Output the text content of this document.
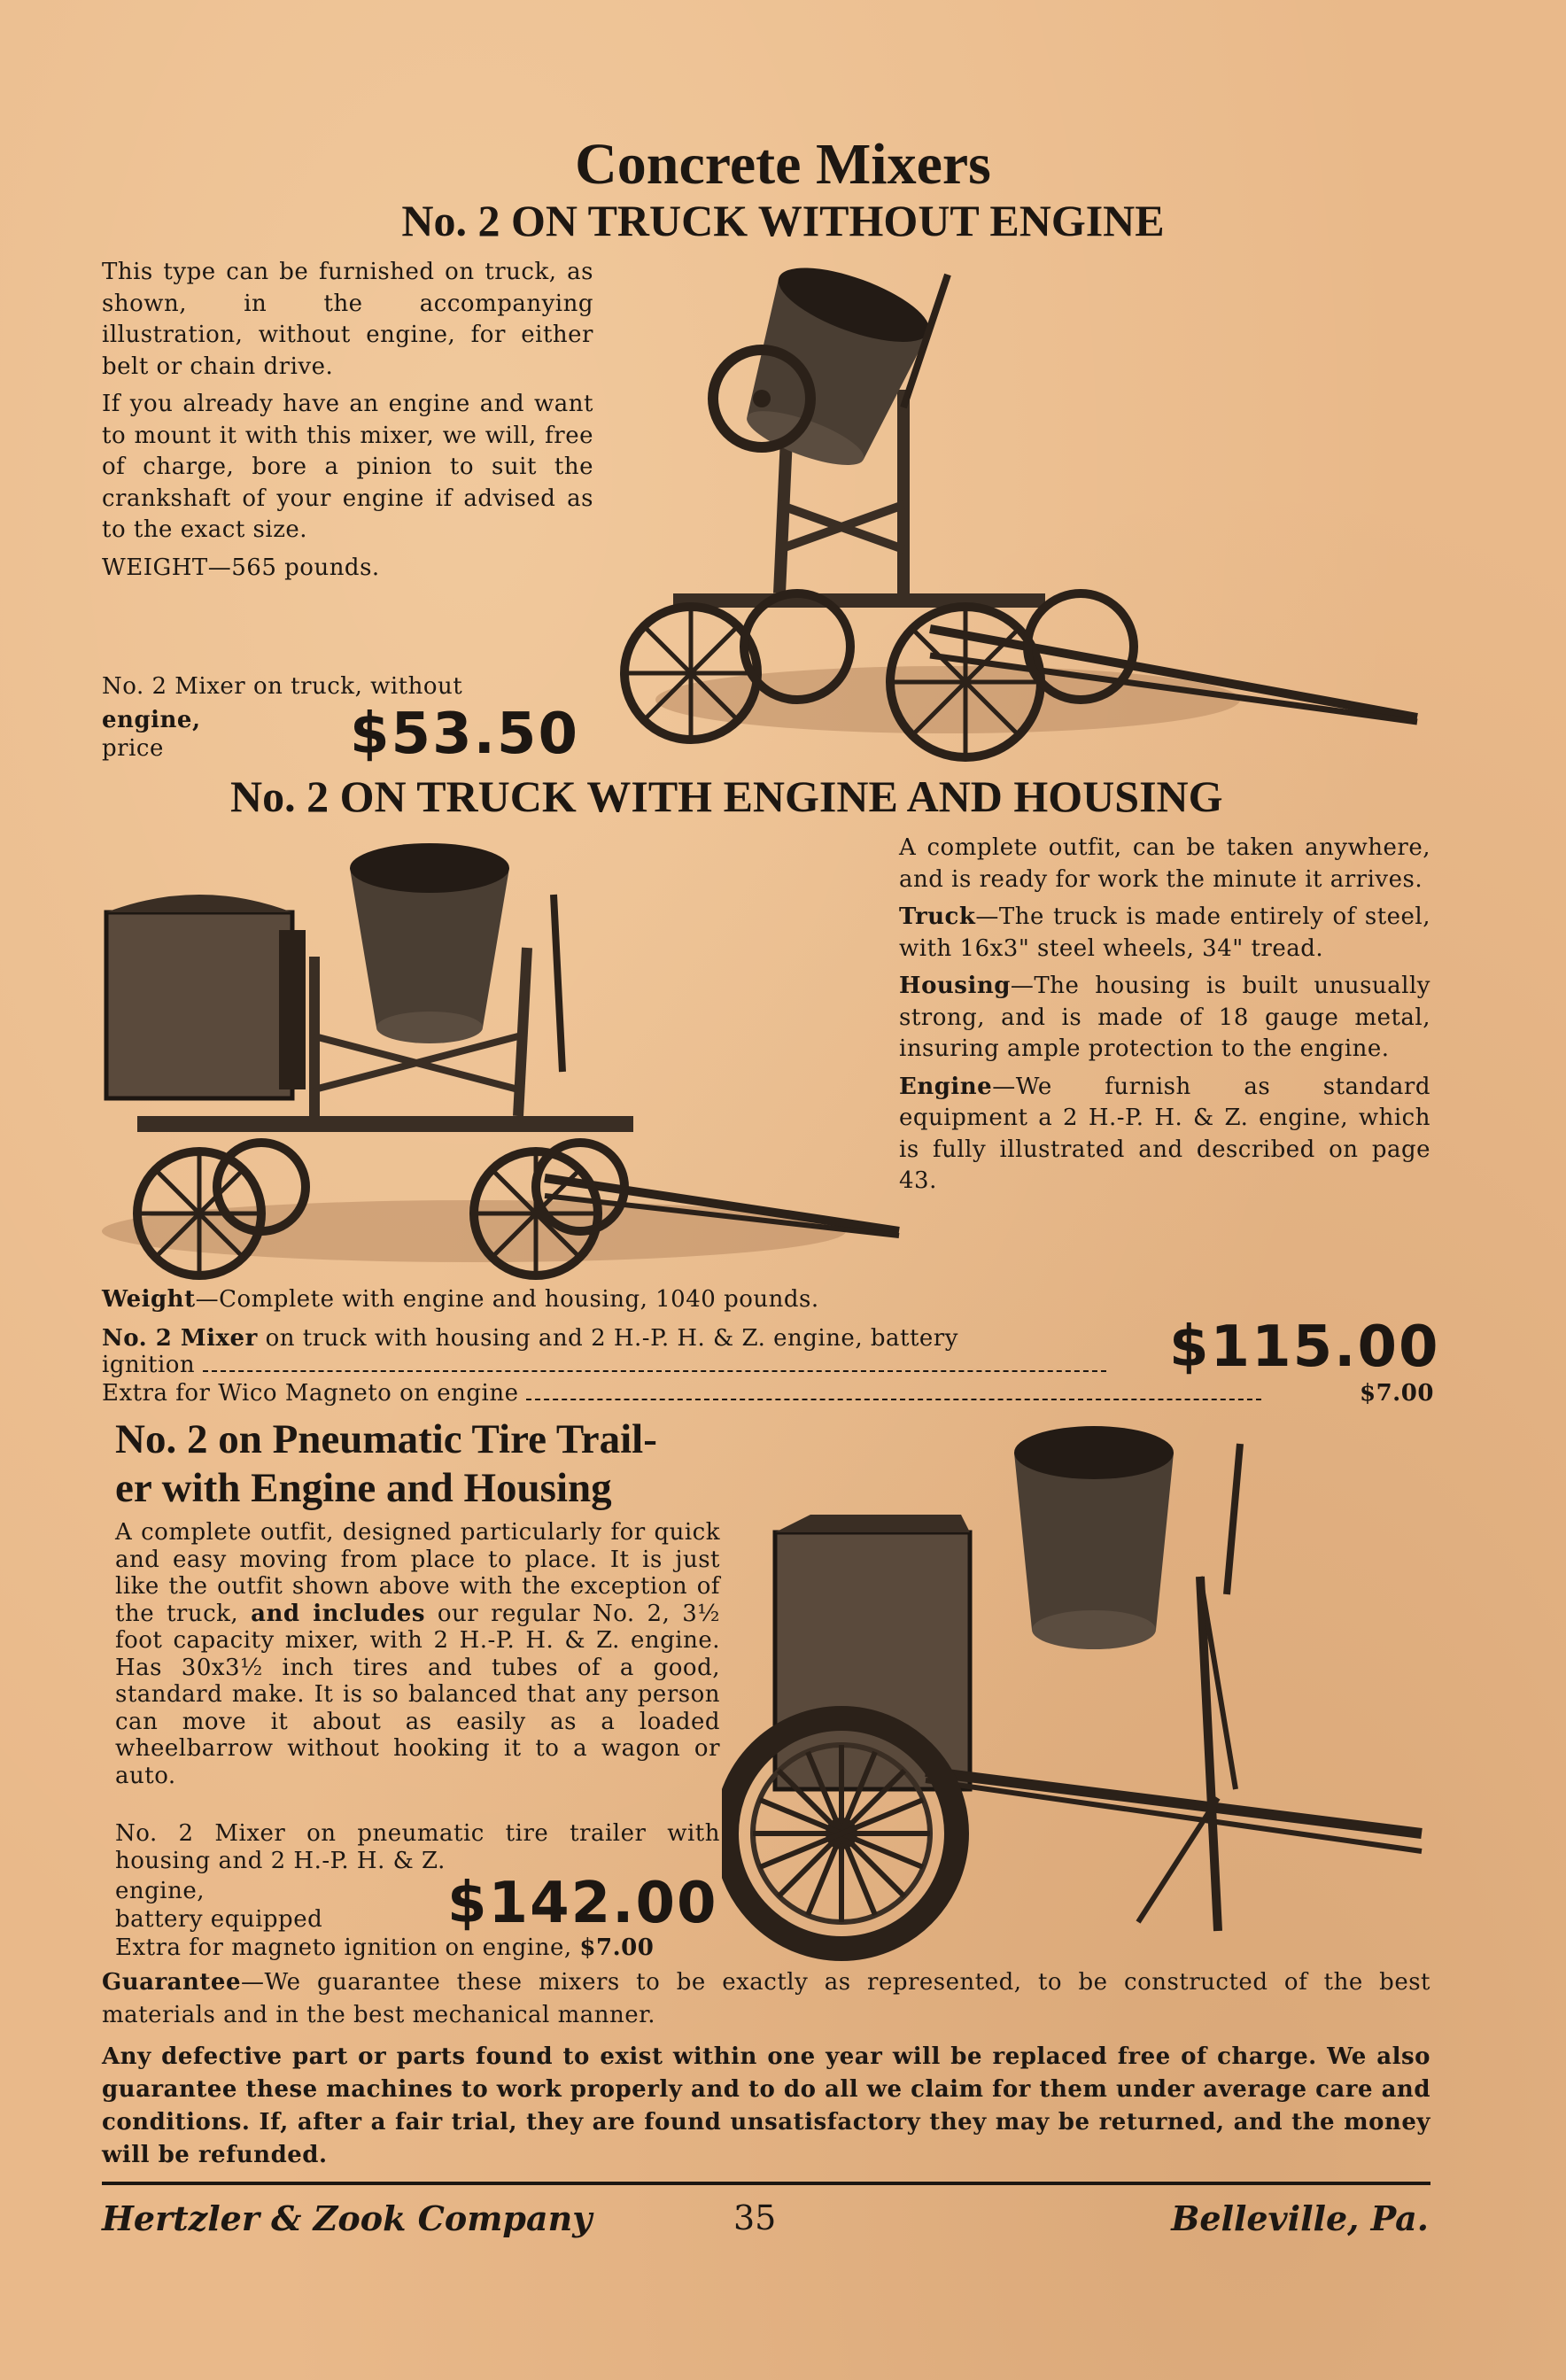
Concrete Mixers
No. 2 ON TRUCK WITHOUT ENGINE

This type can be furnished on truck, as shown, in the accompanying illustration, without engine, for either belt or chain drive.

If you already have an engine and want to mount it with this mixer, we will, free of charge, bore a pinion to suit the crankshaft of your engine if advised as to the exact size.

WEIGHT—565 pounds.

No. 2 Mixer on truck, without
engine,
price	$53.50
No. 2 ON TRUCK WITH ENGINE AND HOUSING

A complete outfit, can be taken anywhere, and is ready for work the minute it arrives.

Truck—The truck is made entirely of steel, with 16x3" steel wheels, 34" tread.

Housing—The housing is built unusually strong, and is made of 18 gauge metal, insuring ample protection to the engine.

Engine—We furnish as standard equipment a 2 H.-P. H. & Z. engine, which is fully illustrated and described on page 43.

Weight—Complete with engine and housing, 1040 pounds.
No. 2 Mixer on truck with housing and 2 H.-P. H. & Z. engine, battery
ignition	$115.00
Extra for Wico Magneto on engine	$7.00
No. 2 on Pneumatic Tire Trail-
er with Engine and Housing

A complete outfit, designed particularly for quick and easy moving from place to place. It is just like the outfit shown above with the exception of the truck, and includes our regular No. 2, 3½ foot capacity mixer, with 2 H.-P. H. & Z. engine. Has 30x3½ inch tires and tubes of a good, standard make. It is so balanced that any person can move it about as easily as a loaded wheelbarrow without hooking it to a wagon or auto.

No. 2 Mixer on pneumatic tire trailer with housing and 2 H.-P. H. & Z.
engine,
battery equipped $142.00
Extra for magneto ignition on engine, $7.00

Guarantee—We guarantee these mixers to be exactly as represented, to be constructed of the best materials and in the best mechanical manner.

Any defective part or parts found to exist within one year will be replaced free of charge. We also guarantee these machines to work properly and to do all we claim for them under average care and conditions. If, after a fair trial, they are found unsatisfactory they may be returned, and the money will be refunded.

Hertzler & Zook Company	35	Belleville, Pa.
